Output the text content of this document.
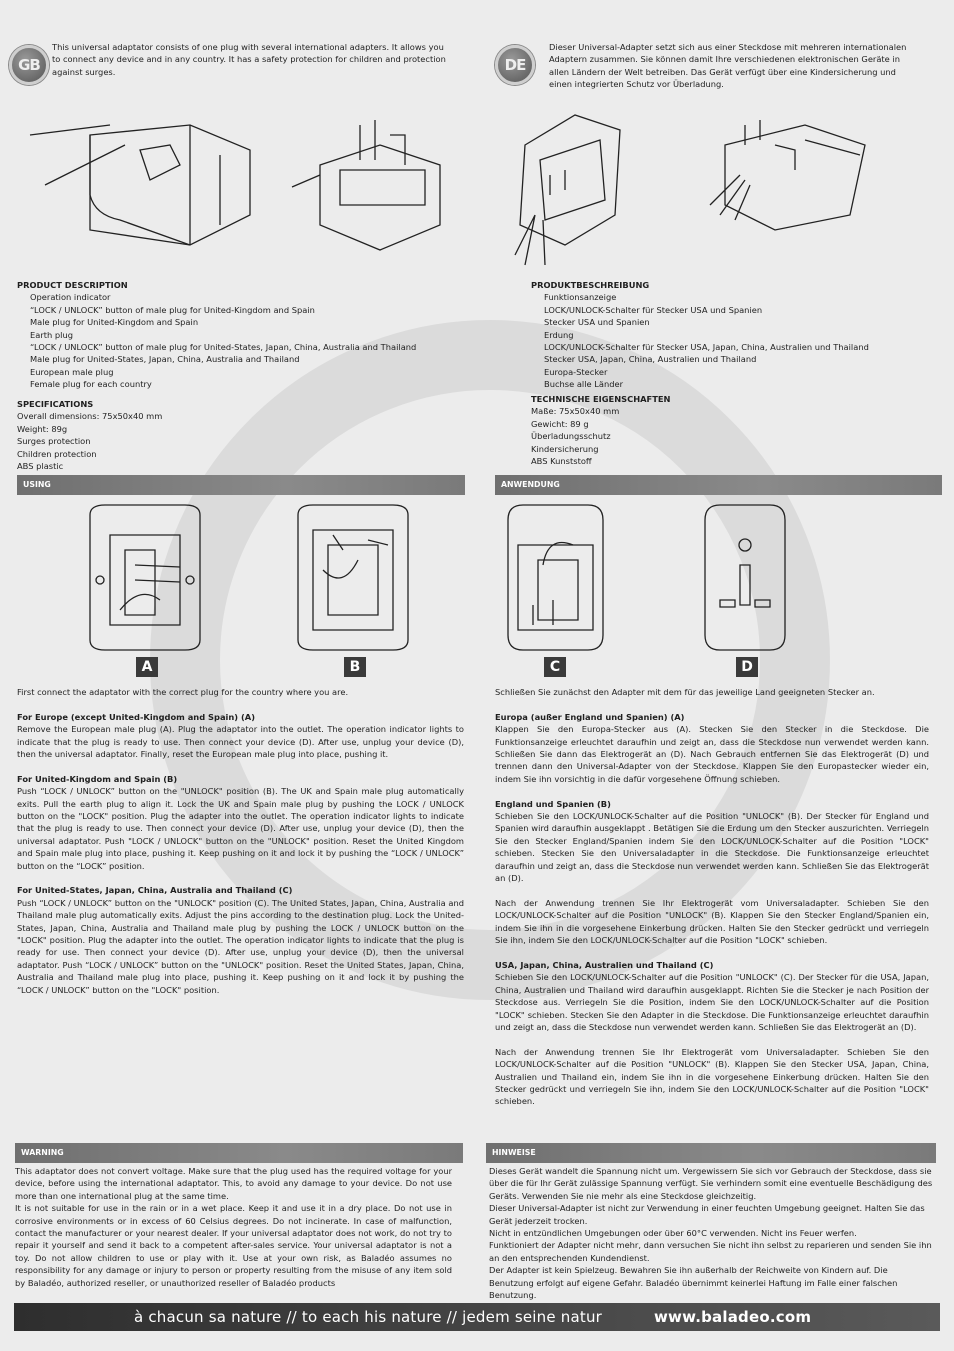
GB
This universal adaptator consists of one plug with several international adapters. It allows you to connect any device and in any country. It has a safety protection for children and protection against surges.	DE
Dieser Universal-Adapter setzt sich aus einer Steckdose mit mehreren internationalen Adaptern zusammen. Sie können damit Ihre verschiedenen elektronischen Geräte in allen Ländern der Welt betreiben. Das Gerät verfügt über eine Kindersicherung und einen integrierten Schutz vor Überladung.
PRODUCT DESCRIPTION
Operation indicator
“LOCK / UNLOCK” button of male plug for United-Kingdom and Spain
Male plug for United-Kingdom and Spain
Earth plug
“LOCK / UNLOCK” button of male plug for United-States, Japan, China, Australia and Thailand
Male plug for United-States, Japan, China, Australia and Thailand
European male plug
Female plug for each country
SPECIFICATIONS
Overall dimensions: 75x50x40 mm
Weight: 89g
Surges protection
Children protection
ABS plastic
PRODUKTBESCHREIBUNG
Funktionsanzeige
LOCK/UNLOCK-Schalter für Stecker USA und Spanien
Stecker USA und Spanien
Erdung
LOCK/UNLOCK-Schalter für Stecker USA, Japan, China, Australien und Thailand
Stecker USA, Japan, China, Australien und Thailand
Europa-Stecker
Buchse alle Länder
TECHNISCHE EIGENSCHAFTEN
Maße: 75x50x40 mm
Gewicht: 89 g
Überladungsschutz
Kindersicherung
ABS Kunststoff
USING	ANWENDUNG
A	B	C	D

First connect the adaptator with the correct plug for the country where you are.

For Europe (except United-Kingdom and Spain) (A)

Remove the European male plug (A). Plug the adaptator into the outlet. The operation indicator lights to indicate that the plug is ready to use. Then connect your device (D). After use, unplug your device (D), then the universal adaptator. Finally, reset the European male plug into place, pushing it.

For United-Kingdom and Spain (B)

Push “LOCK / UNLOCK” button on the "UNLOCK" position (B). The UK and Spain male plug automatically exits. Pull the earth plug to align it. Lock the UK and Spain male plug by pushing the LOCK / UNLOCK button on the "LOCK" position. Plug the adapter into the outlet. The operation indicator lights to indicate that the plug is ready to use. Then connect your device (D). After use, unplug your device (D), then the universal adaptator. Push "LOCK / UNLOCK" button on the "UNLOCK" position. Reset the United Kingdom and Spain male plug into place, pushing it. Keep pushing on it and lock it by pushing the “LOCK / UNLOCK” button on the “LOCK” position.

For United-States, Japan, China, Australia and Thailand (C)

Push “LOCK / UNLOCK” button on the "UNLOCK" position (C). The United States, Japan, China, Australia and Thailand male plug automatically exits. Adjust the pins according to the destination plug. Lock the United-States, Japan, China, Australia and Thailand male plug by pushing the LOCK / UNLOCK button on the "LOCK" position. Plug the adapter into the outlet. The operation indicator lights to indicate that the plug is ready for use. Then connect your device (D). After use, unplug your device (D), then the universal adaptator. Push “LOCK / UNLOCK” button on the "UNLOCK" position. Reset the United States, Japan, China, Australia and Thailand male plug into place, pushing it. Keep pushing on it and lock it by pushing the “LOCK / UNLOCK” button on the "LOCK" position.

Schließen Sie zunächst den Adapter mit dem für das jeweilige Land geeigneten Stecker an.

Europa (außer England und Spanien) (A)

Klappen Sie den Europa-Stecker aus (A). Stecken Sie den Stecker in die Steckdose. Die Funktionsanzeige erleuchtet daraufhin und zeigt an, dass die Steckdose nun verwendet werden kann. Schließen Sie dann das Elektrogerät an (D). Nach Gebrauch entfernen Sie das Elektrogerät (D) und trennen dann den Universal-Adapter von der Steckdose. Klappen Sie den Europastecker wieder ein, indem Sie ihn vorsichtig in die dafür vorgesehene Öffnung schieben.

England und Spanien (B)

Schieben Sie den LOCK/UNLOCK-Schalter auf die Position "UNLOCK" (B). Der Stecker für England und Spanien wird daraufhin ausgeklappt . Betätigen Sie die Erdung um den Stecker auszurichten. Verriegeln Sie den Stecker England/Spanien indem Sie den LOCK/UNLOCK-Schalter auf die Position "LOCK" schieben. Stecken Sie den Universaladapter in die Steckdose. Die Funktionsanzeige erleuchtet daraufhin und zeigt an, dass die Steckdose nun verwendet werden kann. Schließen Sie das Elektrogerät an (D).

Nach der Anwendung trennen Sie Ihr Elektrogerät vom Universaladapter. Schieben Sie den LOCK/UNLOCK-Schalter auf die Position "UNLOCK" (B). Klappen Sie den Stecker England/Spanien ein, indem Sie ihn in die vorgesehene Einkerbung drücken. Halten Sie den Stecker gedrückt und verriegeln Sie ihn, indem Sie den LOCK/UNLOCK-Schalter auf die Position "LOCK" schieben.

USA, Japan, China, Australien und Thailand (C)

Schieben Sie den LOCK/UNLOCK-Schalter auf die Position "UNLOCK" (C). Der Stecker für die USA, Japan, China, Australien und Thailand wird daraufhin ausgeklappt. Richten Sie die Stecker je nach Position der Steckdose aus. Verriegeln Sie die Position, indem Sie den LOCK/UNLOCK-Schalter auf die Position "LOCK" schieben. Stecken Sie den Adapter in die Steckdose. Die Funktionsanzeige erleuchtet daraufhin und zeigt an, dass die Steckdose nun verwendet werden kann. Schließen Sie das Elektrogerät an (D).

Nach der Anwendung trennen Sie Ihr Elektrogerät vom Universaladapter. Schieben Sie den LOCK/UNLOCK-Schalter auf die Position "UNLOCK" (B). Klappen Sie den Stecker USA, Japan, China, Australien und Thailand ein, indem Sie ihn in die vorgesehene Einkerbung drücken. Halten Sie den Stecker gedrückt und verriegeln Sie ihn, indem Sie den LOCK/UNLOCK-Schalter auf die Position "LOCK" schieben.

WARNING	HINWEISE
This adaptator does not convert voltage. Make sure that the plug used has the required voltage for your device, before using the international adaptator. This, to avoid any damage to your device. Do not use more than one international plug at the same time.
It is not suitable for use in the rain or in a wet place. Keep it and use it in a dry place. Do not use in corrosive environments or in excess of 60 Celsius degrees. Do not incinerate. In case of malfunction, contact the manufacturer or your nearest dealer. If your universal adaptator does not work, do not try to repair it yourself and send it back to a competent after-sales service. Your universal adaptator is not a toy. Do not allow children to use or play with it. Use at your own risk, as Baladéo assumes no responsibility for any damage or injury to person or property resulting from the misuse of any item sold by Baladéo, authorized reseller, or unauthorized reseller of Baladéo products
Dieses Gerät wandelt die Spannung nicht um. Vergewissern Sie sich vor Gebrauch der Steckdose, dass sie über die für Ihr Gerät zulässige Spannung verfügt. Sie verhindern somit eine eventuelle Beschädigung des Geräts. Verwenden Sie nie mehr als eine Steckdose gleichzeitig.
Dieser Universal-Adapter ist nicht zur Verwendung in einer feuchten Umgebung geeignet. Halten Sie das Gerät jederzeit trocken.
Nicht in entzündlichen Umgebungen oder über 60°C verwenden. Nicht ins Feuer werfen.
Funktioniert der Adapter nicht mehr, dann versuchen Sie nicht ihn selbst zu reparieren und senden Sie ihn an den entsprechenden Kundendienst.
Der Adapter ist kein Spielzeug. Bewahren Sie ihn außerhalb der Reichweite von Kindern auf. Die Benutzung erfolgt auf eigene Gefahr. Baladéo übernimmt keinerlei Haftung im Falle einer falschen Benutzung.
à chacun sa nature // to each his nature // jedem seine natur	www.baladeo.com
